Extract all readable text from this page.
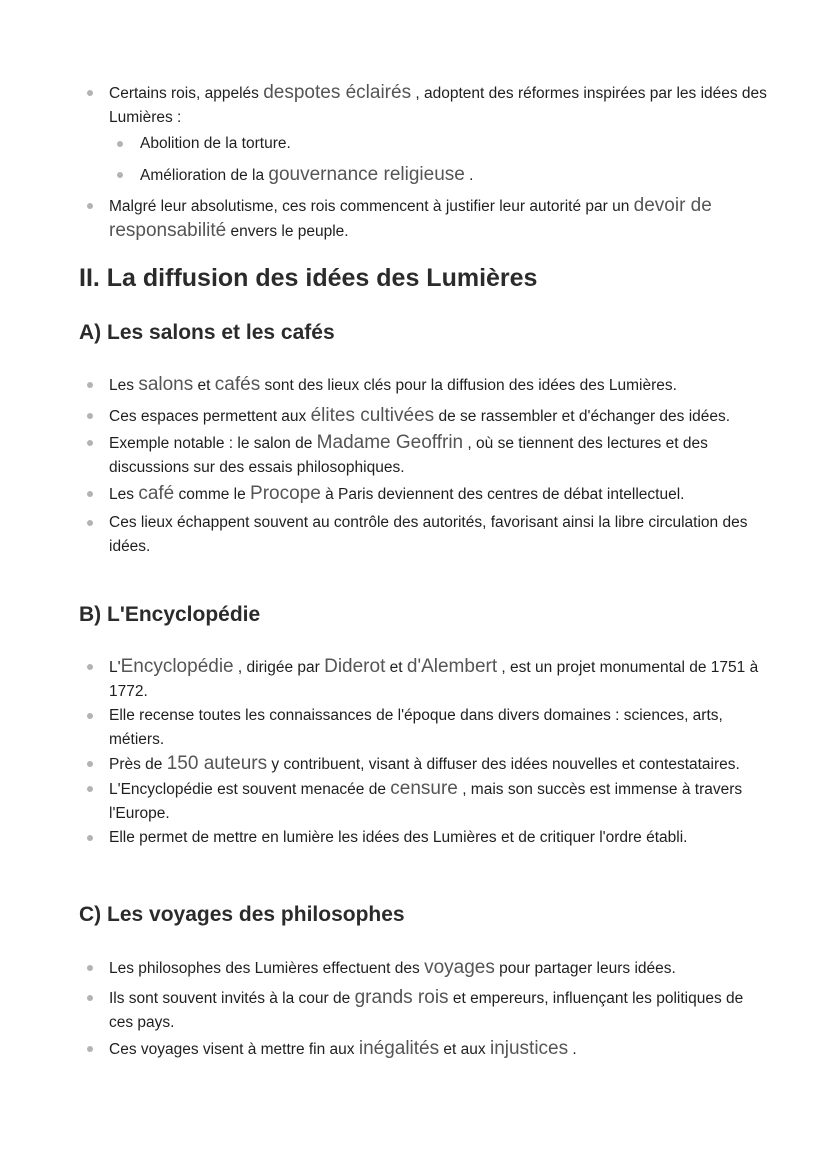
Certains rois, appelés despotes éclairés , adoptent des réformes inspirées par les idées des Lumières :
Abolition de la torture.
Amélioration de la gouvernance religieuse .
Malgré leur absolutisme, ces rois commencent à justifier leur autorité par un devoir de responsabilité envers le peuple.
II. La diffusion des idées des Lumières
A) Les salons et les cafés
Les salons et cafés sont des lieux clés pour la diffusion des idées des Lumières.
Ces espaces permettent aux élites cultivées de se rassembler et d'échanger des idées.
Exemple notable : le salon de Madame Geoffrin , où se tiennent des lectures et des discussions sur des essais philosophiques.
Les café comme le Procope à Paris deviennent des centres de débat intellectuel.
Ces lieux échappent souvent au contrôle des autorités, favorisant ainsi la libre circulation des idées.
B) L'Encyclopédie
L'Encyclopédie , dirigée par Diderot et d'Alembert , est un projet monumental de 1751 à 1772.
Elle recense toutes les connaissances de l'époque dans divers domaines : sciences, arts, métiers.
Près de 150 auteurs y contribuent, visant à diffuser des idées nouvelles et contestataires.
L'Encyclopédie est souvent menacée de censure , mais son succès est immense à travers l'Europe.
Elle permet de mettre en lumière les idées des Lumières et de critiquer l'ordre établi.
C) Les voyages des philosophes
Les philosophes des Lumières effectuent des voyages pour partager leurs idées.
Ils sont souvent invités à la cour de grands rois et empereurs, influençant les politiques de ces pays.
Ces voyages visent à mettre fin aux inégalités et aux injustices .
